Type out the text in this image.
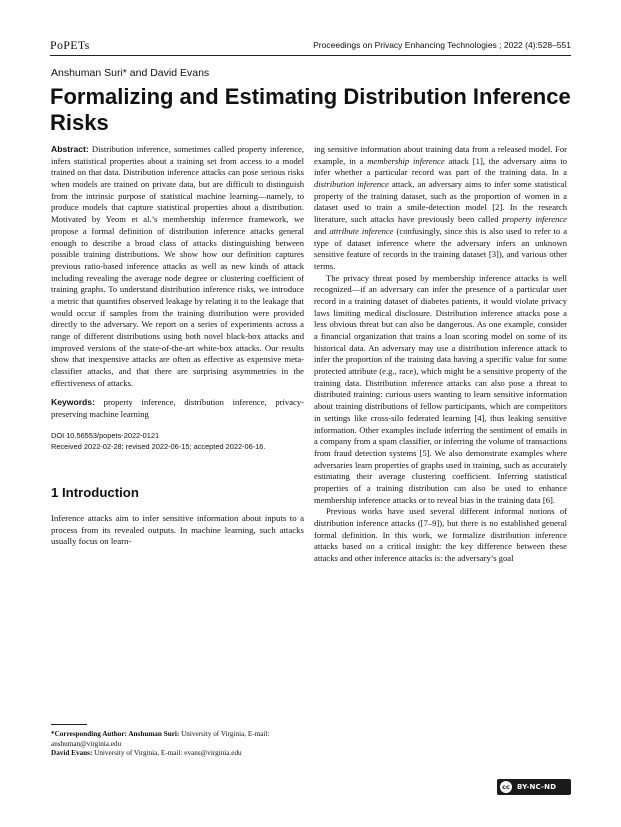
PoPETs	Proceedings on Privacy Enhancing Technologies ; 2022 (4):528–551
Anshuman Suri* and David Evans
Formalizing and Estimating Distribution Inference Risks

Abstract: Distribution inference, sometimes called property inference, infers statistical properties about a training set from access to a model trained on that data. Distribution inference attacks can pose serious risks when models are trained on private data, but are difficult to distinguish from the intrinsic purpose of statistical machine learning—namely, to produce models that capture statistical properties about a distribution. Motivated by Yeom et al.’s membership inference framework, we propose a formal definition of distribution inference attacks general enough to describe a broad class of attacks distinguishing between possible training distributions. We show how our definition captures previous ratio-based inference attacks as well as new kinds of attack including revealing the average node degree or clustering coefficient of training graphs. To understand distribution inference risks, we introduce a metric that quantifies observed leakage by relating it to the leakage that would occur if samples from the training distribution were provided directly to the adversary. We report on a series of experiments across a range of different distributions using both novel black-box attacks and improved versions of the state-of-the-art white-box attacks. Our results show that inexpensive attacks are often as effective as expensive meta-classifier attacks, and that there are surprising asymmetries in the effectiveness of attacks.

Keywords: property inference, distribution inference, privacy-preserving machine learning

DOI 10.56553/popets-2022-0121
Received 2022-02-28; revised 2022-06-15; accepted 2022-06-16.
1 Introduction

Inference attacks aim to infer sensitive information about inputs to a process from its revealed outputs. In machine learning, such attacks usually focus on learn-

*Corresponding Author: Anshuman Suri: University of Virginia, E-mail: anshuman@virginia.edu
David Evans: University of Virginia, E-mail: evans@virginia.edu

ing sensitive information about training data from a released model. For example, in a membership inference attack [1], the adversary aims to infer whether a particular record was part of the training data. In a distribution inference attack, an adversary aims to infer some statistical property of the training dataset, such as the proportion of women in a dataset used to train a smile-detection model [2]. In the research literature, such attacks have previously been called property inference and attribute inference (confusingly, since this is also used to refer to a type of dataset inference where the adversary infers an unknown sensitive feature of records in the training dataset [3]), and various other terms.

The privacy threat posed by membership inference attacks is well recognized—if an adversary can infer the presence of a particular user record in a training dataset of diabetes patients, it would violate privacy laws limiting medical disclosure. Distribution inference attacks pose a less obvious threat but can also be dangerous. As one example, consider a financial organization that trains a loan scoring model on some of its historical data. An adversary may use a distribution inference attack to infer the proportion of the training data having a specific value for some protected attribute (e.g., race), which might be a sensitive property of the training data. Distribution inference attacks can also pose a threat to distributed training: curious users wanting to learn sensitive information about training distributions of fellow participants, which are competitors in settings like cross-silo federated learning [4], thus leaking sensitive information. Other examples include inferring the sentiment of emails in a company from a spam classifier, or inferring the volume of transactions from fraud detection systems [5]. We also demonstrate examples where adversaries learn properties of graphs used in training, such as accurately estimating their average clustering coefficient. Inferring statistical properties of a training distribution can also be used to enhance membership inference attacks or to reveal bias in the training data [6].

Previous works have used several different informal notions of distribution inference attacks ([7–9]), but there is no established general formal definition. In this work, we formalize distribution inference attacks based on a critical insight: the key difference between these attacks and other inference attacks is: the adversary’s goal

cc	BY-NC-ND
